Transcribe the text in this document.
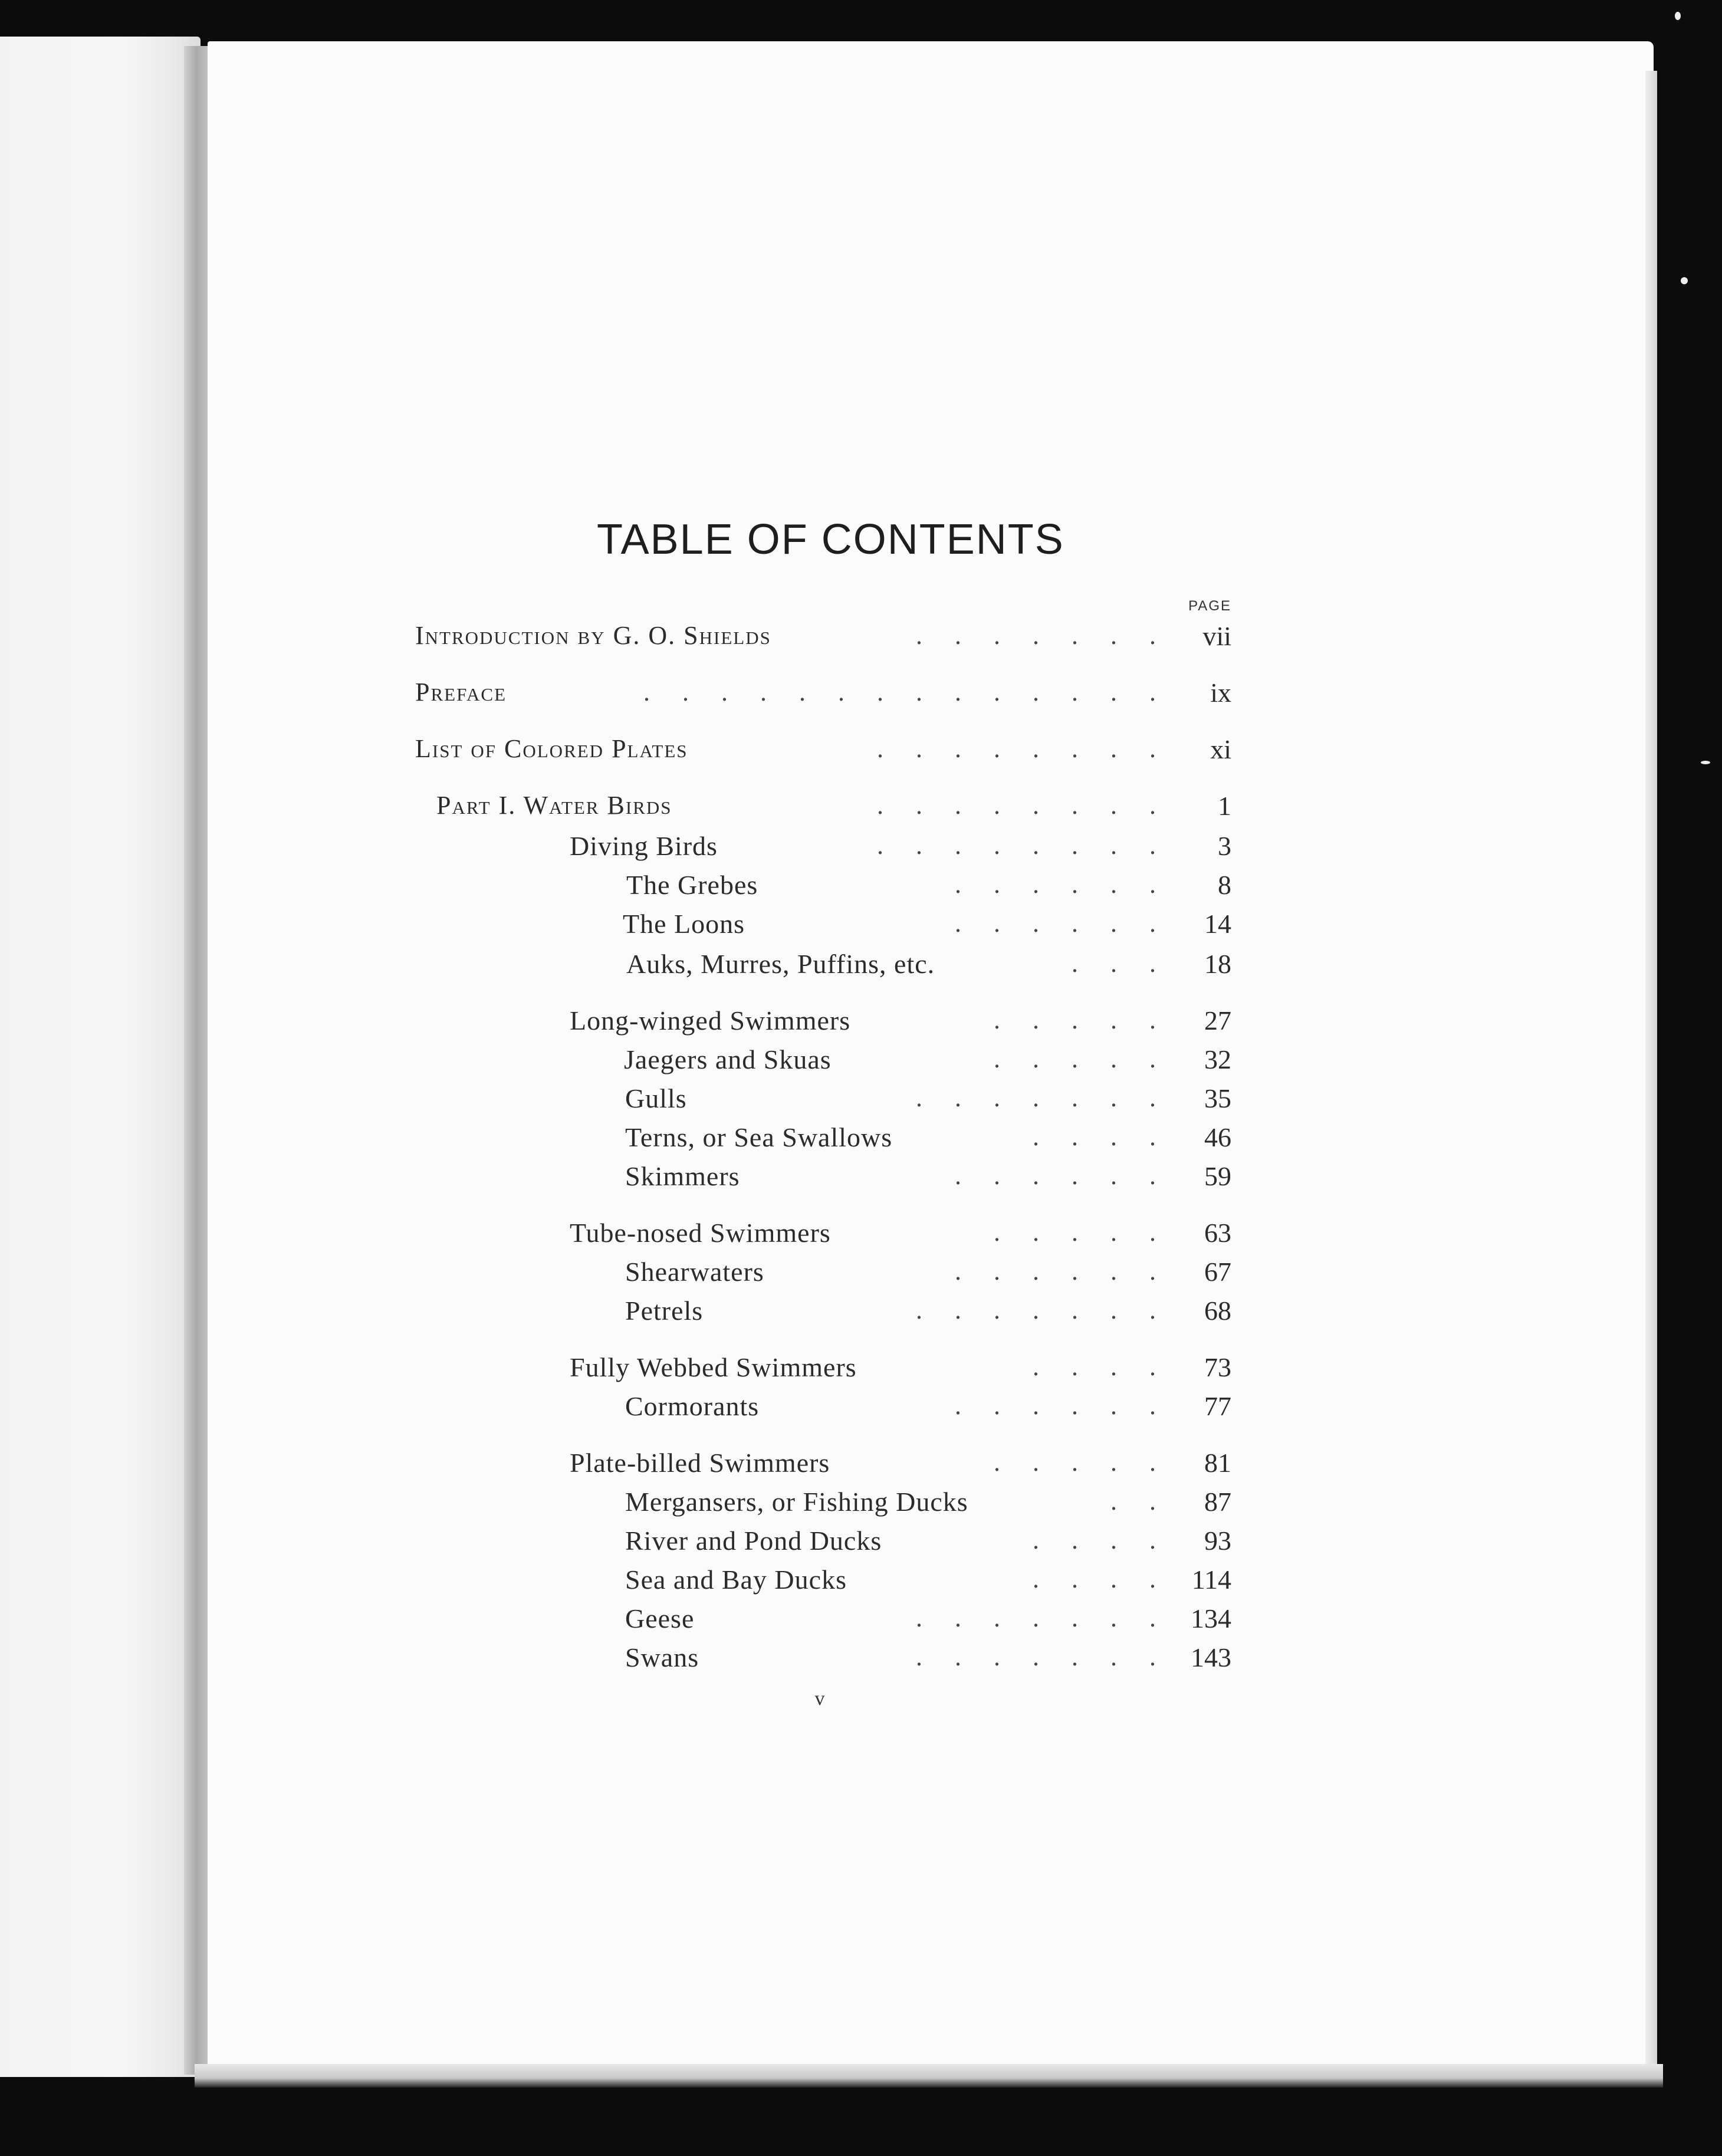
TABLE OF CONTENTS
PAGE
Introduction by G. O. Shields	.     .     .     .     .     .     .	vii
Preface	.     .     .     .     .     .     .     .     .     .     .     .     .     .	ix
List of Colored Plates	.     .     .     .     .     .     .     .	xi
Part I. Water Birds	.     .     .     .     .     .     .     .	1
Diving Birds	.     .     .     .     .     .     .     .	3
The Grebes	.     .     .     .     .     .	8
The Loons	.     .     .     .     .     .	14
Auks, Murres, Puffins, etc.	.     .     .	18
Long-winged Swimmers	.     .     .     .     .	27
Jaegers and Skuas	.     .     .     .     .	32
Gulls	.     .     .     .     .     .     .	35
Terns, or Sea Swallows	.     .     .     .	46
Skimmers	.     .     .     .     .     .	59
Tube-nosed Swimmers	.     .     .     .     .	63
Shearwaters	.     .     .     .     .     .	67
Petrels	.     .     .     .     .     .     .	68
Fully Webbed Swimmers	.     .     .     .	73
Cormorants	.     .     .     .     .     .	77
Plate-billed Swimmers	.     .     .     .     .	81
Mergansers, or Fishing Ducks	.     .	87
River and Pond Ducks	.     .     .     .	93
Sea and Bay Ducks	.     .     .     .	114
Geese	.     .     .     .     .     .     .	134
Swans	.     .     .     .     .     .     .	143
v
